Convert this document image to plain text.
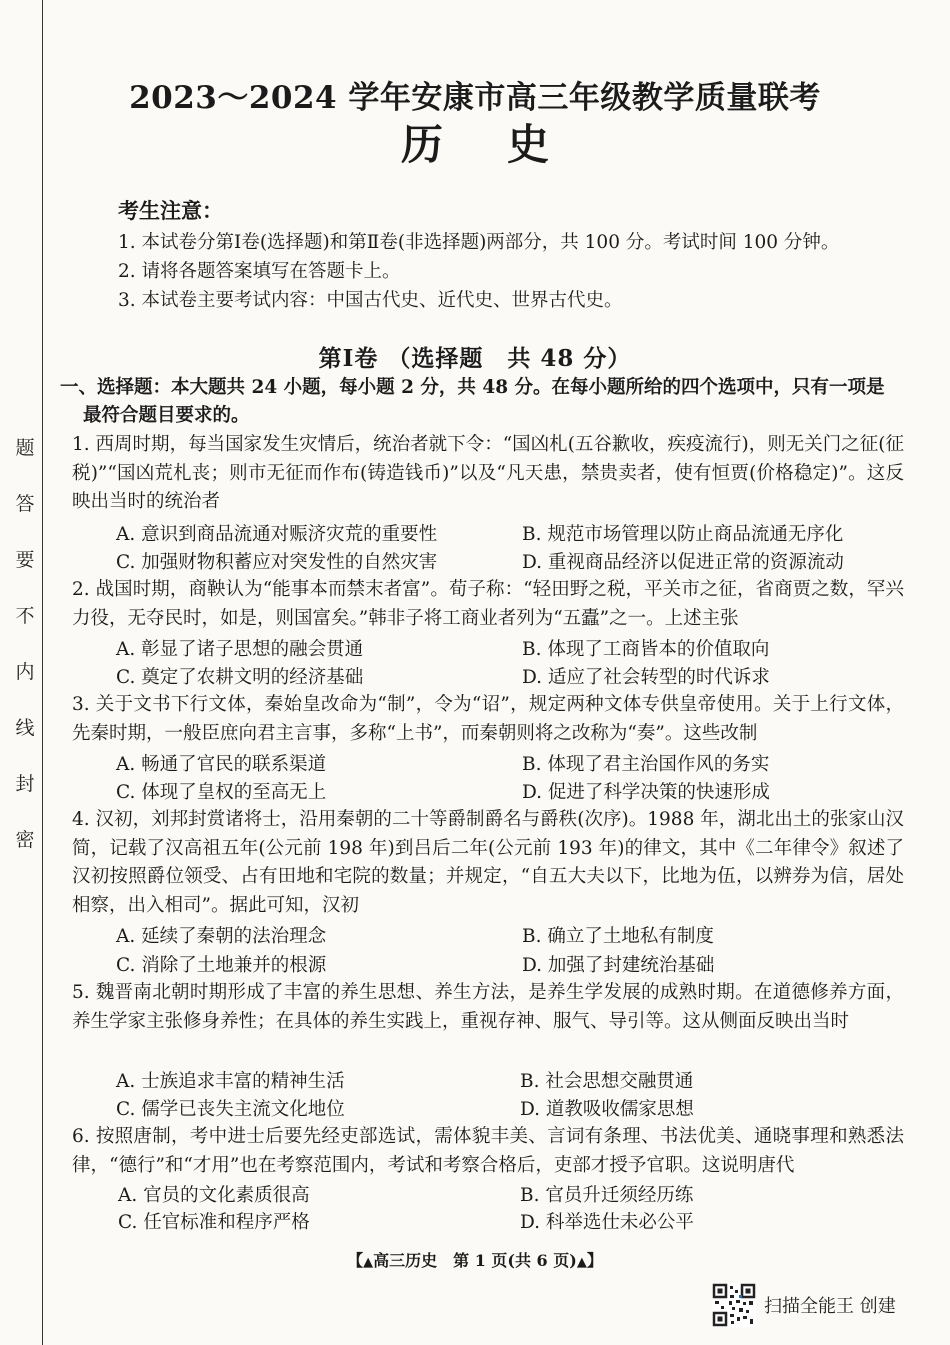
题
答
要
不
内
线
封
密
2023～2024 学年安康市高三年级教学质量联考
历史
考生注意：
1. 本试卷分第Ⅰ卷(选择题)和第Ⅱ卷(非选择题)两部分，共 100 分。考试时间 100 分钟。
2. 请将各题答案填写在答题卡上。
3. 本试卷主要考试内容：中国古代史、近代史、世界古代史。
第Ⅰ卷 （选择题　共 48 分）
一、选择题：本大题共 24 小题，每小题 2 分，共 48 分。在每小题所给的四个选项中，只有一项是
最符合题目要求的。
1. 西周时期，每当国家发生灾情后，统治者就下令：“国凶札(五谷歉收，疾疫流行)，则无关门之征(征税)”“国凶荒札丧；则市无征而作布(铸造钱币)”以及“凡天患，禁贵卖者，使有恒贾(价格稳定)”。这反映出当时的统治者
A. 意识到商品流通对赈济灾荒的重要性	B. 规范市场管理以防止商品流通无序化
C. 加强财物积蓄应对突发性的自然灾害	D. 重视商品经济以促进正常的资源流动
2. 战国时期，商鞅认为“能事本而禁末者富”。荀子称：“轻田野之税，平关市之征，省商贾之数，罕兴力役，无夺民时，如是，则国富矣。”韩非子将工商业者列为“五蠹”之一。上述主张
A. 彰显了诸子思想的融会贯通	B. 体现了工商皆本的价值取向
C. 奠定了农耕文明的经济基础	D. 适应了社会转型的时代诉求
3. 关于文书下行文体，秦始皇改命为“制”，令为“诏”，规定两种文体专供皇帝使用。关于上行文体，先秦时期，一般臣庶向君主言事，多称“上书”，而秦朝则将之改称为“奏”。这些改制
A. 畅通了官民的联系渠道	B. 体现了君主治国作风的务实
C. 体现了皇权的至高无上	D. 促进了科学决策的快速形成
4. 汉初，刘邦封赏诸将士，沿用秦朝的二十等爵制爵名与爵秩(次序)。1988 年，湖北出土的张家山汉简，记载了汉高祖五年(公元前 198 年)到吕后二年(公元前 193 年)的律文，其中《二年律令》叙述了汉初按照爵位领受、占有田地和宅院的数量；并规定，“自五大夫以下，比地为伍，以辨券为信，居处相察，出入相司”。据此可知，汉初
A. 延续了秦朝的法治理念	B. 确立了土地私有制度
C. 消除了土地兼并的根源	D. 加强了封建统治基础
5. 魏晋南北朝时期形成了丰富的养生思想、养生方法，是养生学发展的成熟时期。在道德修养方面，养生学家主张修身养性；在具体的养生实践上，重视存神、服气、导引等。这从侧面反映出当时
A. 士族追求丰富的精神生活	B. 社会思想交融贯通
C. 儒学已丧失主流文化地位	D. 道教吸收儒家思想
6. 按照唐制，考中进士后要先经吏部选试，需体貌丰美、言词有条理、书法优美、通晓事理和熟悉法律，“德行”和“才用”也在考察范围内，考试和考察合格后，吏部才授予官职。这说明唐代
A. 官员的文化素质很高	B. 官员升迁须经历练
C. 任官标准和程序严格	D. 科举选仕未必公平
【▲高三历史　第 1 页(共 6 页)▲】
扫描全能王 创建
